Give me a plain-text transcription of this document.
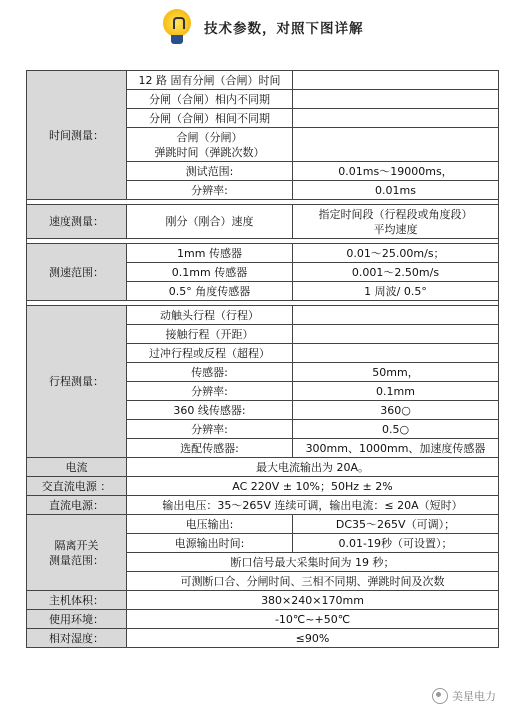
技术参数，对照下图详解
时间测量：	12 路 固有分闸（合闸）时间	
	分闸（合闸）相内不同期	
	分闸（合闸）相间不同期	
	合闸（分闸）
弹跳时间（弹跳次数）	
	测试范围:	0.01ms～19000ms，
	分辨率:	0.01ms

速度测量：	刚分（刚合）速度	指定时间段（行程段或角度段）
平均速度

测速范围：	1mm 传感器	0.01～25.00m/s；
	0.1mm 传感器	0.001～2.50m/s
	0.5° 角度传感器	1 周波/ 0.5°

行程测量：	动触头行程（行程）	
	接触行程（开距）	
	过冲行程或反程（超程）	
	传感器:	50mm，
	分辨率:	0.1mm
	360 线传感器:	360○
	分辨率:	0.5○
	选配传感器:	300mm、1000mm、加速度传感器
电流	最大电流输出为 20A。	
交直流电源 ：	AC 220V ± 10%；50Hz ± 2%	
直流电源：	输出电压：35～265V 连续可调，输出电流：≤ 20A（短时）	
隔离开关
测量范围：	电压输出:	DC35～265V（可调）；
	电源输出时间:	0.01-19秒（可设置）；
	断口信号最大采集时间为 19 秒；	
	可测断口合、分闸时间、三相不同期、弹跳时间及次数	
主机体积：	380×240×170mm	
使用环境：	-10℃~+50℃	
相对湿度：	≤90%	
美星电力
